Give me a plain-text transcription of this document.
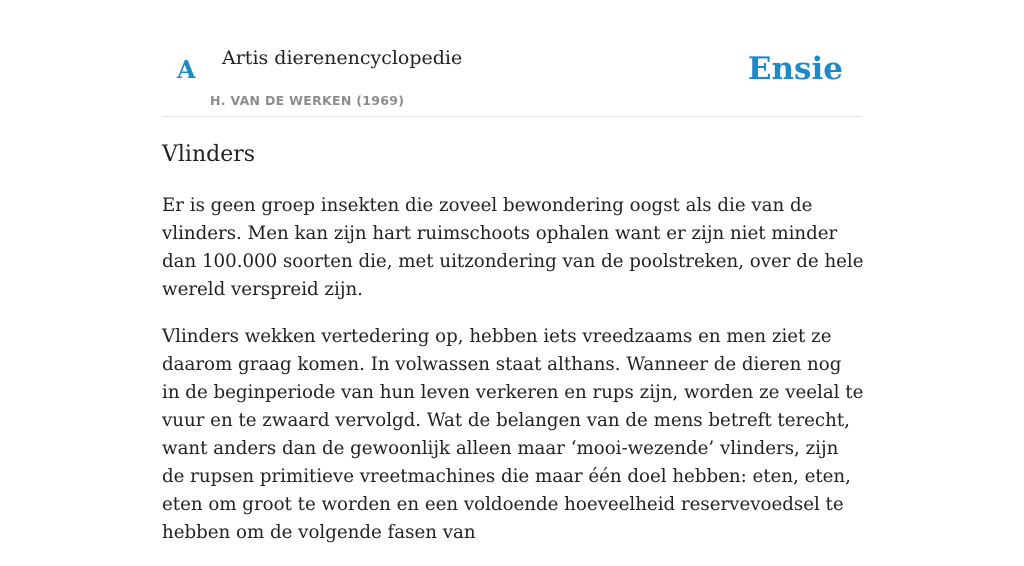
A Artis dierenencyclopedie
H. VAN DE WERKEN (1969)
Ensie
Vlinders

Er is geen groep insekten die zoveel bewondering oogst als die van de vlinders. Men kan zijn hart ruimschoots ophalen want er zijn niet minder dan 100.000 soorten die, met uitzondering van de poolstreken, over de hele wereld verspreid zijn.

Vlinders wekken vertedering op, hebben iets vreedzaams en men ziet ze daarom graag komen. In volwassen staat althans. Wanneer de dieren nog in de beginperiode van hun leven verkeren en rups zijn, worden ze veelal te vuur en te zwaard vervolgd. Wat de belangen van de mens betreft terecht, want anders dan de gewoonlijk alleen maar ‘mooi-wezende’ vlinders, zijn de rupsen primitieve vreetmachines die maar één doel hebben: eten, eten, eten om groot te worden en een voldoende hoeveelheid reservevoedsel te hebben om de volgende fasen van
